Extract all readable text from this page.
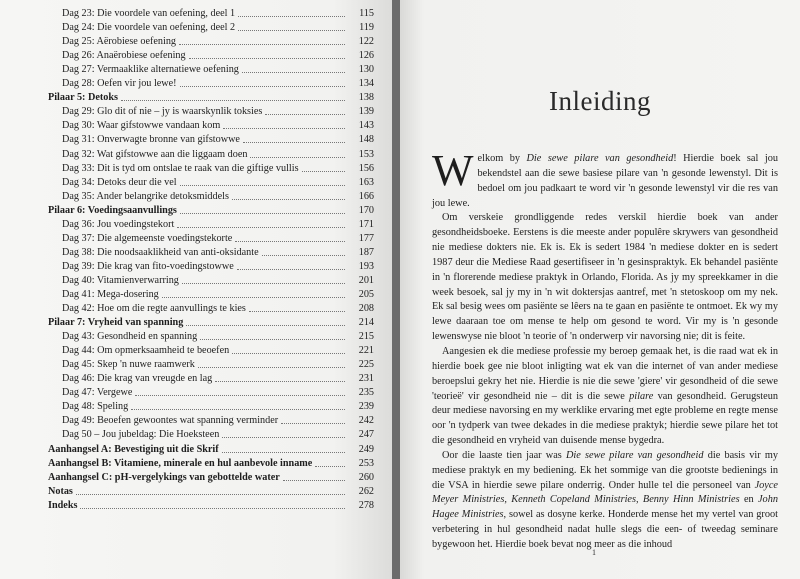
Dag 23: Die voordele van oefening, deel 1	115
Dag 24: Die voordele van oefening, deel 2	119
Dag 25: Aërobiese oefening	122
Dag 26: Anaërobiese oefening	126
Dag 27: Vermaaklike alternatiewe oefening	130
Dag 28: Oefen vir jou lewe!	134
Pilaar 5: Detoks	138
Dag 29: Glo dit of nie – jy is waarskynlik toksies	139
Dag 30: Waar gifstowwe vandaan kom	143
Dag 31: Onverwagte bronne van gifstowwe	148
Dag 32: Wat gifstowwe aan die liggaam doen	153
Dag 33: Dit is tyd om ontslae te raak van die giftige vullis	156
Dag 34: Detoks deur die vel	163
Dag 35: Ander belangrike detoksmiddels	166
Pilaar 6: Voedingsaanvullings	170
Dag 36: Jou voedingstekort	171
Dag 37: Die algemeenste voedingstekorte	177
Dag 38: Die noodsaaklikheid van anti-oksidante	187
Dag 39: Die krag van fito-voedingstowwe	193
Dag 40: Vitamienverwarring	201
Dag 41: Mega-dosering	205
Dag 42: Hoe om die regte aanvullings te kies	208
Pilaar 7: Vryheid van spanning	214
Dag 43: Gesondheid en spanning	215
Dag 44: Om opmerksaamheid te beoefen	221
Dag 45: Skep 'n nuwe raamwerk	225
Dag 46: Die krag van vreugde en lag	231
Dag 47: Vergewe	235
Dag 48: Speling	239
Dag 49: Beoefen gewoontes wat spanning verminder	242
Dag 50 – Jou jubeldag: Die Hoeksteen	247
Aanhangsel A: Bevestiging uit die Skrif	249
Aanhangsel B: Vitamiene, minerale en hul aanbevole inname	253
Aanhangsel C: pH-vergelykings van gebottelde water	260
Notas	262
Indeks	278
Inleiding

Welkom by Die sewe pilare van gesondheid! Hierdie boek sal jou bekendstel aan die sewe basiese pilare van 'n gesonde lewenstyl. Dit is bedoel om jou padkaart te word vir 'n gesonde lewenstyl vir die res van jou lewe.

Om verskeie grondliggende redes verskil hierdie boek van ander gesondheidsboeke. Eerstens is die meeste ander populêre skrywers van gesondheid nie mediese dokters nie. Ek is. Ek is sedert 1984 'n mediese dokter en is sedert 1987 deur die Mediese Raad gesertifiseer in 'n gesinspraktyk. Ek behandel pasiënte in 'n florerende mediese praktyk in Orlando, Florida. As jy my spreekkamer in die week besoek, sal jy my in 'n wit doktersjas aantref, met 'n stetoskoop om my nek. Ek sal besig wees om pasiënte se lêers na te gaan en pasiënte te ontmoet. Ek wy my lewe daaraan toe om mense te help om gesond te word. Vir my is 'n gesonde lewenswyse nie bloot 'n teorie of 'n onderwerp vir navorsing nie; dit is feite.

Aangesien ek die mediese professie my beroep gemaak het, is die raad wat ek in hierdie boek gee nie bloot inligting wat ek van die internet of van ander mediese beroepslui gekry het nie. Hierdie is nie die sewe 'giere' vir gesondheid of die sewe 'teorieë' vir gesondheid nie – dit is die sewe pilare van gesondheid. Gerugsteun deur mediese navorsing en my werklike ervaring met egte probleme en regte mense oor 'n tydperk van twee dekades in die mediese praktyk; hierdie sewe pilare het tot die gesondheid en vryheid van duisende mense bygedra.

Oor die laaste tien jaar was Die sewe pilare van gesondheid die basis vir my mediese praktyk en my bediening. Ek het sommige van die grootste bedienings in die VSA in hierdie sewe pilare onderrig. Onder hulle tel die personeel van Joyce Meyer Ministries, Kenneth Copeland Ministries, Benny Hinn Ministries en John Hagee Ministries, sowel as dosyne kerke. Honderde mense het my vertel van groot verbetering in hul gesondheid nadat hulle slegs die een- of tweedag seminare bygewoon het. Hierdie boek bevat nog meer as die inhoud

1
